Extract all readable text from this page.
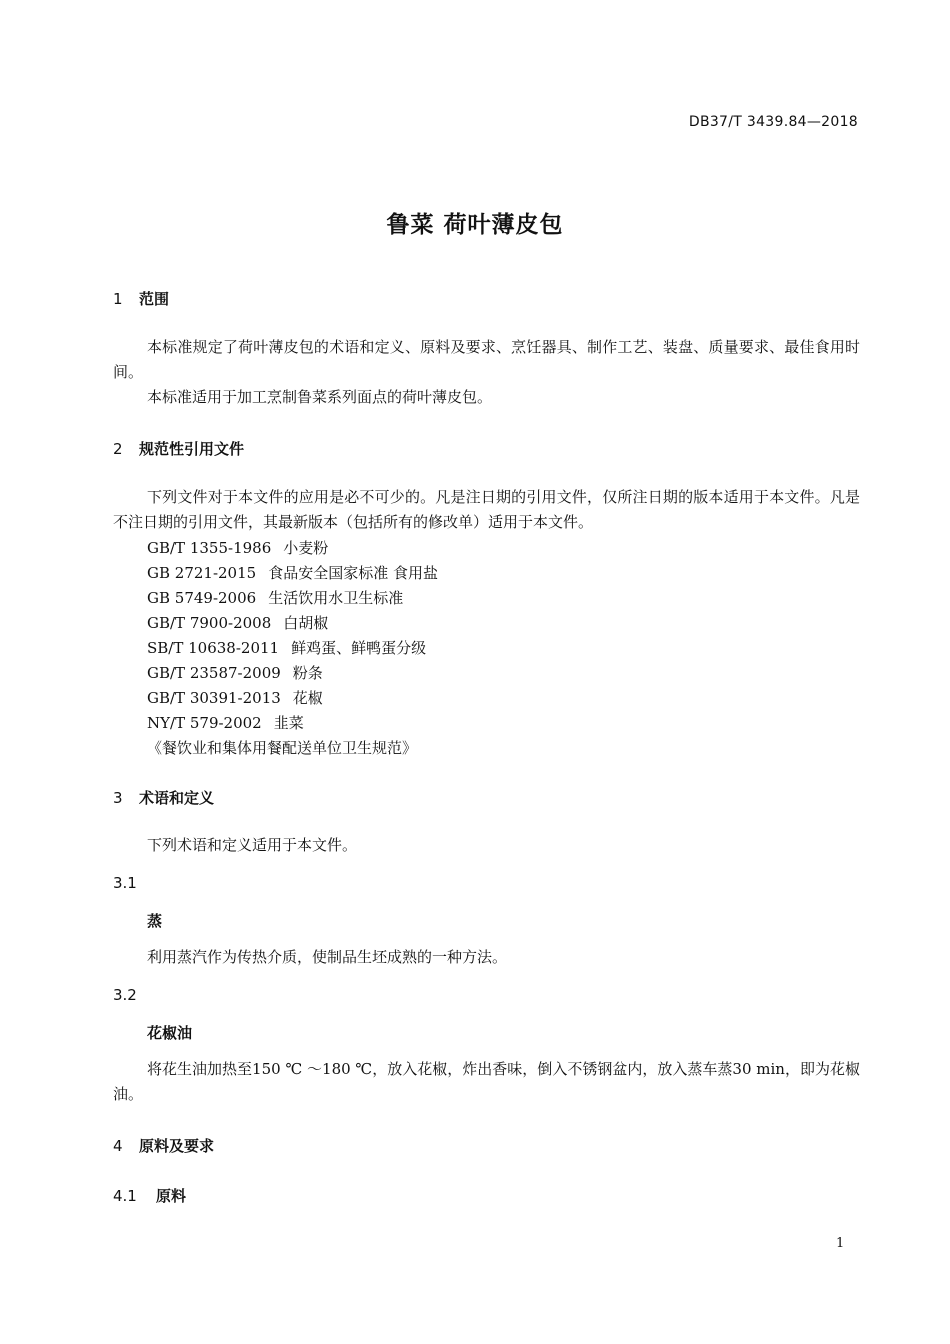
DB37/T 3439.84—2018
鲁菜 荷叶薄皮包
1 范围
本标准规定了荷叶薄皮包的术语和定义、原料及要求、烹饪器具、制作工艺、装盘、质量要求、最佳食用时间。
本标准适用于加工烹制鲁菜系列面点的荷叶薄皮包。
2 规范性引用文件
下列文件对于本文件的应用是必不可少的。凡是注日期的引用文件，仅所注日期的版本适用于本文件。凡是不注日期的引用文件，其最新版本（包括所有的修改单）适用于本文件。
GB/T 1355-1986 小麦粉
GB 2721-2015 食品安全国家标准 食用盐
GB 5749-2006 生活饮用水卫生标准
GB/T 7900-2008 白胡椒
SB/T 10638-2011 鲜鸡蛋、鲜鸭蛋分级
GB/T 23587-2009 粉条
GB/T 30391-2013 花椒
NY/T 579-2002 韭菜
《餐饮业和集体用餐配送单位卫生规范》
3 术语和定义
下列术语和定义适用于本文件。
3.1
蒸
利用蒸汽作为传热介质，使制品生坯成熟的一种方法。
3.2
花椒油
将花生油加热至150 ℃ ～180 ℃，放入花椒，炸出香味，倒入不锈钢盆内，放入蒸车蒸30 min，即为花椒油。
4 原料及要求
4.1 原料
1
